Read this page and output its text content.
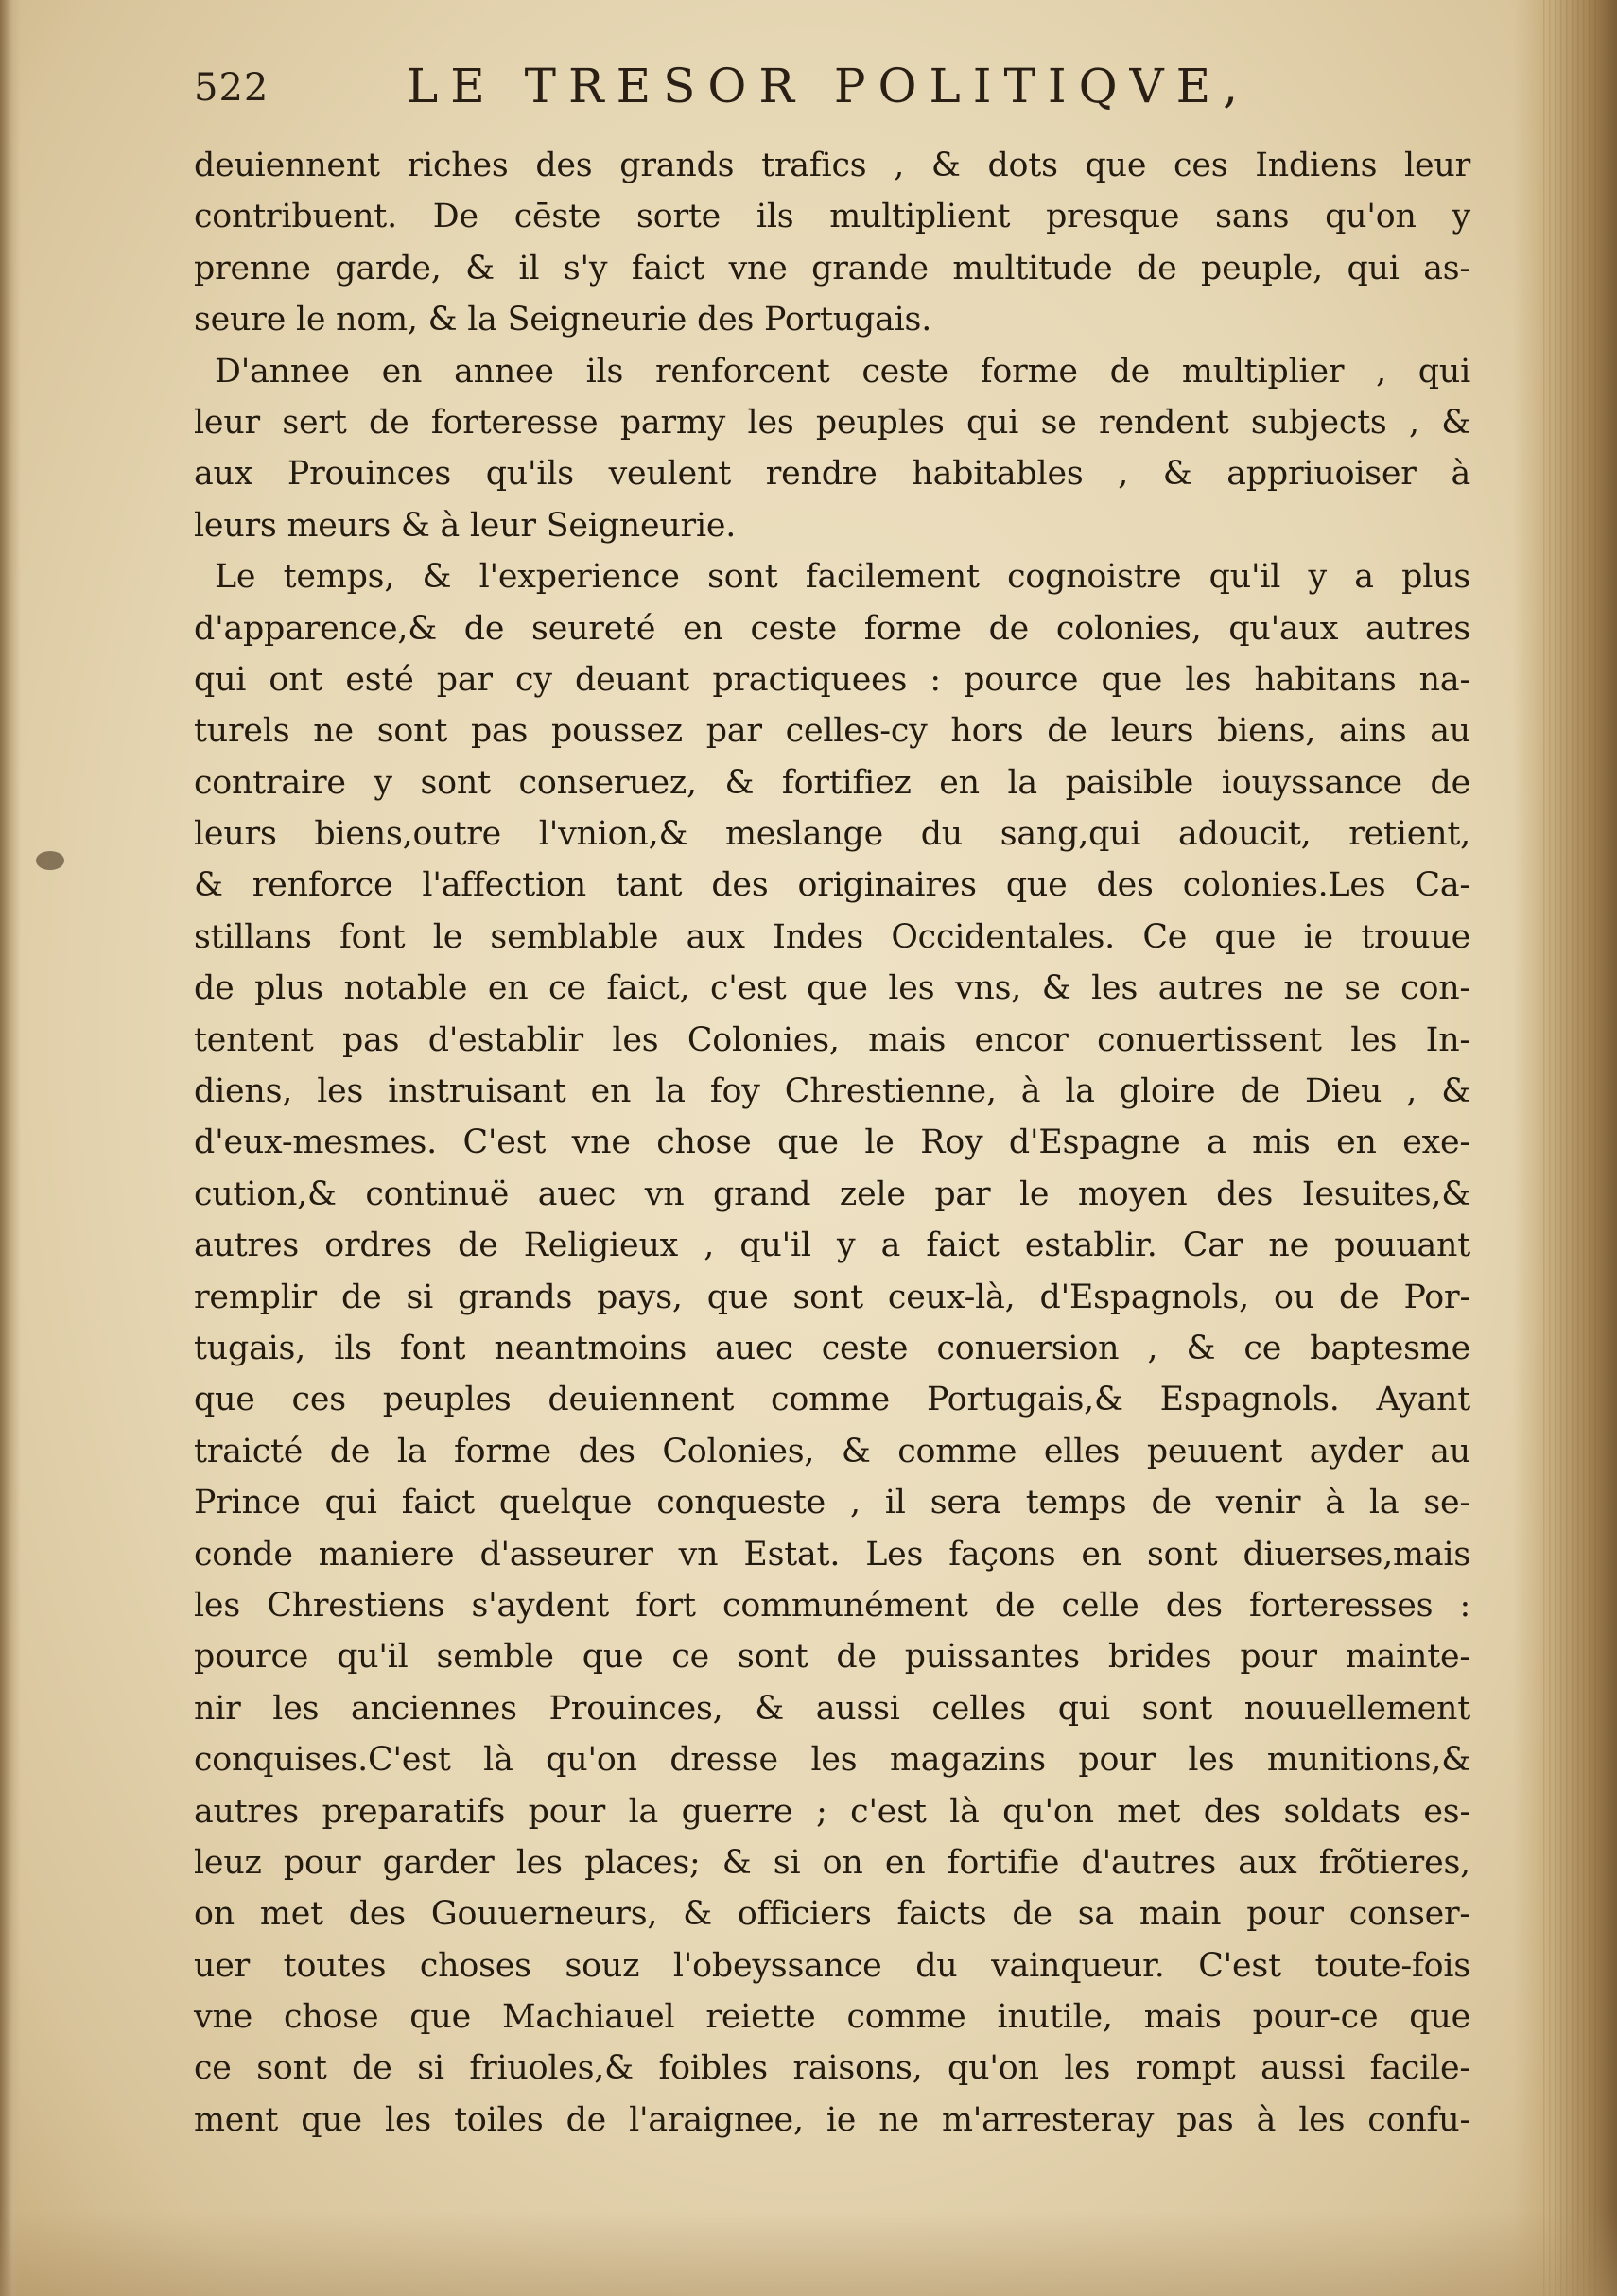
522	LE TRESOR POLITIQVE,
deuiennent riches des grands trafics , & dots que ces Indiens leur
contribuent. De cēste sorte ils multiplient presque sans qu'on y
prenne garde, & il s'y faict vne grande multitude de peuple, qui as-
seure le nom, & la Seigneurie des Portugais.
D'annee en annee ils renforcent ceste forme de multiplier , qui
leur sert de forteresse parmy les peuples qui se rendent subjects , &
aux Prouinces qu'ils veulent rendre habitables , & appriuoiser à
leurs meurs & à leur Seigneurie.
Le temps, & l'experience sont facilement cognoistre qu'il y a plus
d'apparence,& de seureté en ceste forme de colonies, qu'aux autres
qui ont esté par cy deuant practiquees : pource que les habitans na-
turels ne sont pas poussez par celles-cy hors de leurs biens, ains au
contraire y sont conseruez, & fortifiez en la paisible iouyssance de
leurs biens,outre l'vnion,& meslange du sang,qui adoucit, retient,
& renforce l'affection tant des originaires que des colonies.Les Ca-
stillans font le semblable aux Indes Occidentales. Ce que ie trouue
de plus notable en ce faict, c'est que les vns, & les autres ne se con-
tentent pas d'establir les Colonies, mais encor conuertissent les In-
diens, les instruisant en la foy Chrestienne, à la gloire de Dieu , &
d'eux-mesmes. C'est vne chose que le Roy d'Espagne a mis en exe-
cution,& continuë auec vn grand zele par le moyen des Iesuites,&
autres ordres de Religieux , qu'il y a faict establir. Car ne pouuant
remplir de si grands pays, que sont ceux-là, d'Espagnols, ou de Por-
tugais, ils font neantmoins auec ceste conuersion , & ce baptesme
que ces peuples deuiennent comme Portugais,& Espagnols. Ayant
traicté de la forme des Colonies, & comme elles peuuent ayder au
Prince qui faict quelque conqueste , il sera temps de venir à la se-
conde maniere d'asseurer vn Estat. Les façons en sont diuerses,mais
les Chrestiens s'aydent fort communément de celle des forteresses :
pource qu'il semble que ce sont de puissantes brides pour mainte-
nir les anciennes Prouinces, & aussi celles qui sont nouuellement
conquises.C'est là qu'on dresse les magazins pour les munitions,&
autres preparatifs pour la guerre ; c'est là qu'on met des soldats es-
leuz pour garder les places; & si on en fortifie d'autres aux frõtieres,
on met des Gouuerneurs, & officiers faicts de sa main pour conser-
uer toutes choses souz l'obeyssance du vainqueur. C'est toute-fois
vne chose que Machiauel reiette comme inutile, mais pour-ce que
ce sont de si friuoles,& foibles raisons, qu'on les rompt aussi facile-
ment que les toiles de l'araignee, ie ne m'arresteray pas à les confu-
